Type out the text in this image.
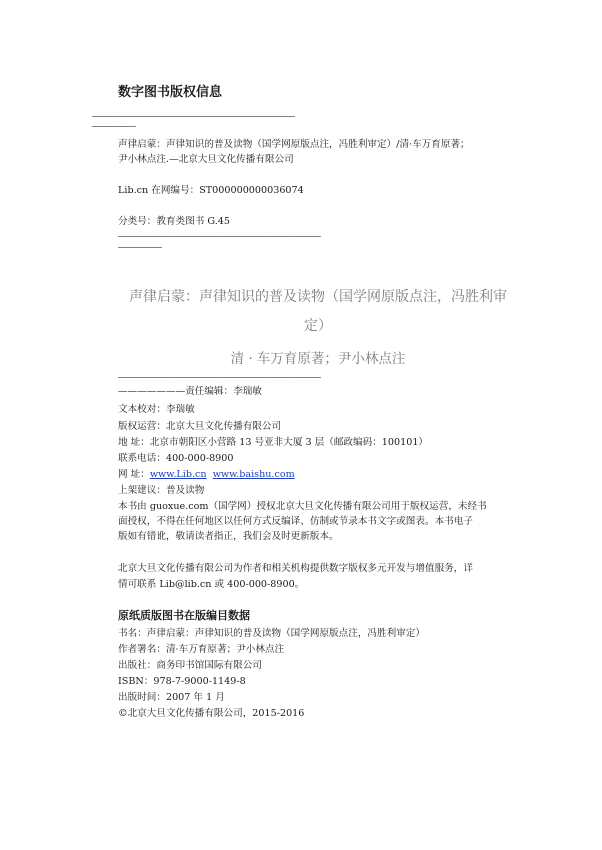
数字图书版权信息
——————————————————————————————————————————
—————————
声律启蒙：声律知识的普及读物（国学网原版点注，冯胜利审定）/清·车万育原著；
尹小林点注.—北京大旦文化传播有限公司
Lib.cn 在网编号：ST000000000036074
分类号：教育类图书 G.45
——————————————————————————————————————————
—————————
声律启蒙：声律知识的普及读物（国学网原版点注，冯胜利审
定）
清 · 车万育原著；尹小林点注
——————————————————————————————————————————
———————责任编辑：李瑞敏
文本校对：李瑞敏
版权运营：北京大旦文化传播有限公司
地 址：北京市朝阳区小营路 13 号亚非大厦 3 层（邮政编码：100101）
联系电话：400-000-8900
网 址：www.Lib.cn www.baishu.com
上架建议：普及读物
本书由 guoxue.com（国学网）授权北京大旦文化传播有限公司用于版权运营，未经书
面授权，不得在任何地区以任何方式反编译、仿制或节录本书文字或图表。本书电子
版如有错讹，敬请读者指正，我们会及时更新版本。
北京大旦文化传播有限公司为作者和相关机构提供数字版权多元开发与增值服务，详
情可联系 Lib@lib.cn 或 400-000-8900。
原纸质版图书在版编目数据
书名：声律启蒙：声律知识的普及读物（国学网原版点注，冯胜利审定）
作者署名：清·车万育原著；尹小林点注
出版社：商务印书馆国际有限公司
ISBN：978-7-9000-1149-8
出版时间：2007 年 1 月
©北京大旦文化传播有限公司，2015-2016
